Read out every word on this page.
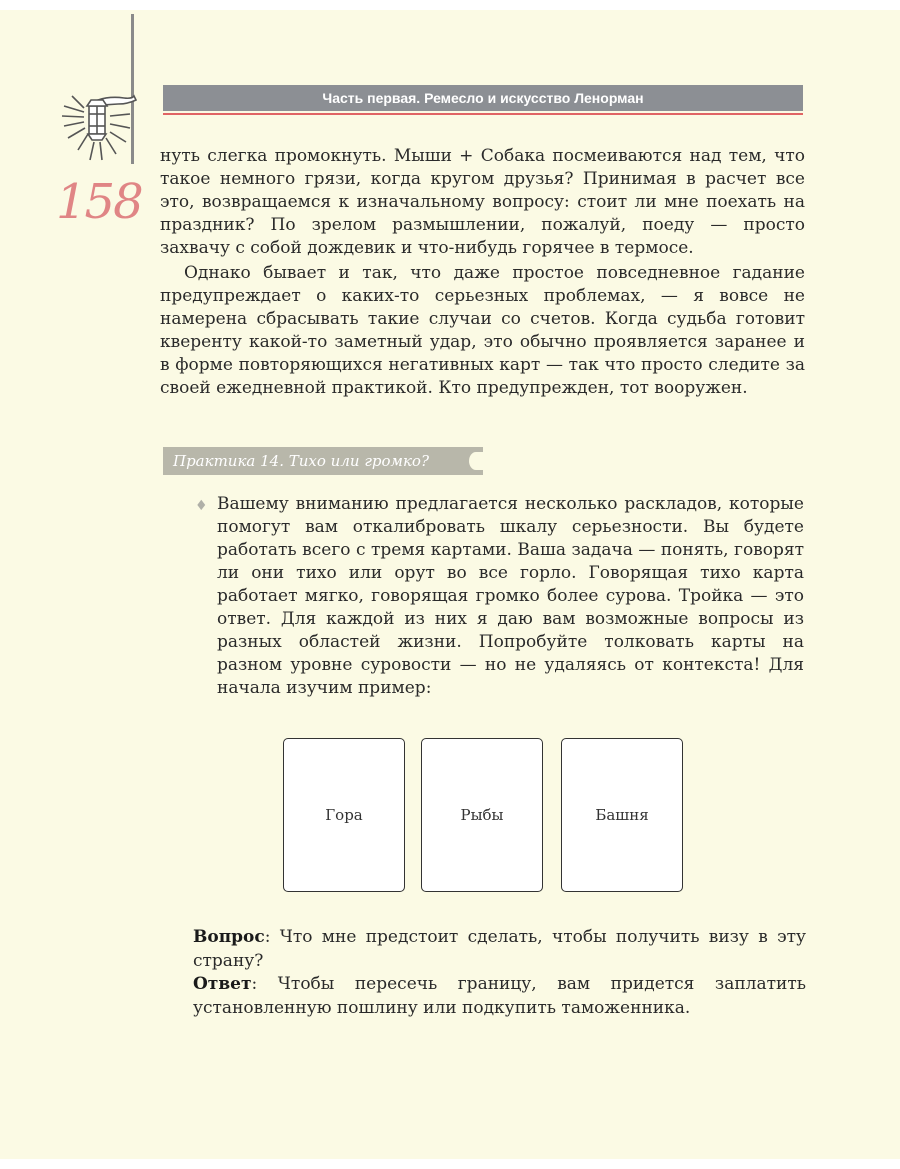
158
Часть первая. Ремесло и искусство Ленорман

нуть слегка промокнуть. Мыши + Собака посмеиваются над тем, что такое немного грязи, когда кругом друзья? Принимая в расчет все это, возвращаемся к изначальному вопросу: стоит ли мне поехать на праздник? По зрелом размышлении, пожалуй, поеду — просто захвачу с собой дождевик и что-нибудь горячее в термосе.

Однако бывает и так, что даже простое повседневное гадание предупреждает о каких-то серьезных проблемах, — я вовсе не намерена сбрасывать такие случаи со счетов. Когда судьба готовит кверенту какой-то заметный удар, это обычно проявляется заранее и в форме повторяющихся негативных карт — так что просто следите за своей ежедневной практикой. Кто предупрежден, тот вооружен.

Практика 14. Тихо или громко?
♦ Вашему вниманию предлагается несколько раскладов, которые помогут вам откалибровать шкалу серьезности. Вы будете работать всего с тремя картами. Ваша задача — понять, говорят ли они тихо или орут во все горло. Говорящая тихо карта работает мягко, говорящая громко более сурова. Тройка — это ответ. Для каждой из них я даю вам возможные вопросы из разных областей жизни. Попробуйте толковать карты на разном уровне суровости — но не удаляясь от контекста! Для начала изучим пример:

Гора	Рыбы	Башня

Вопрос: Что мне предстоит сделать, чтобы получить визу в эту страну?

Ответ: Чтобы пересечь границу, вам придется заплатить установленную пошлину или подкупить таможенника.
